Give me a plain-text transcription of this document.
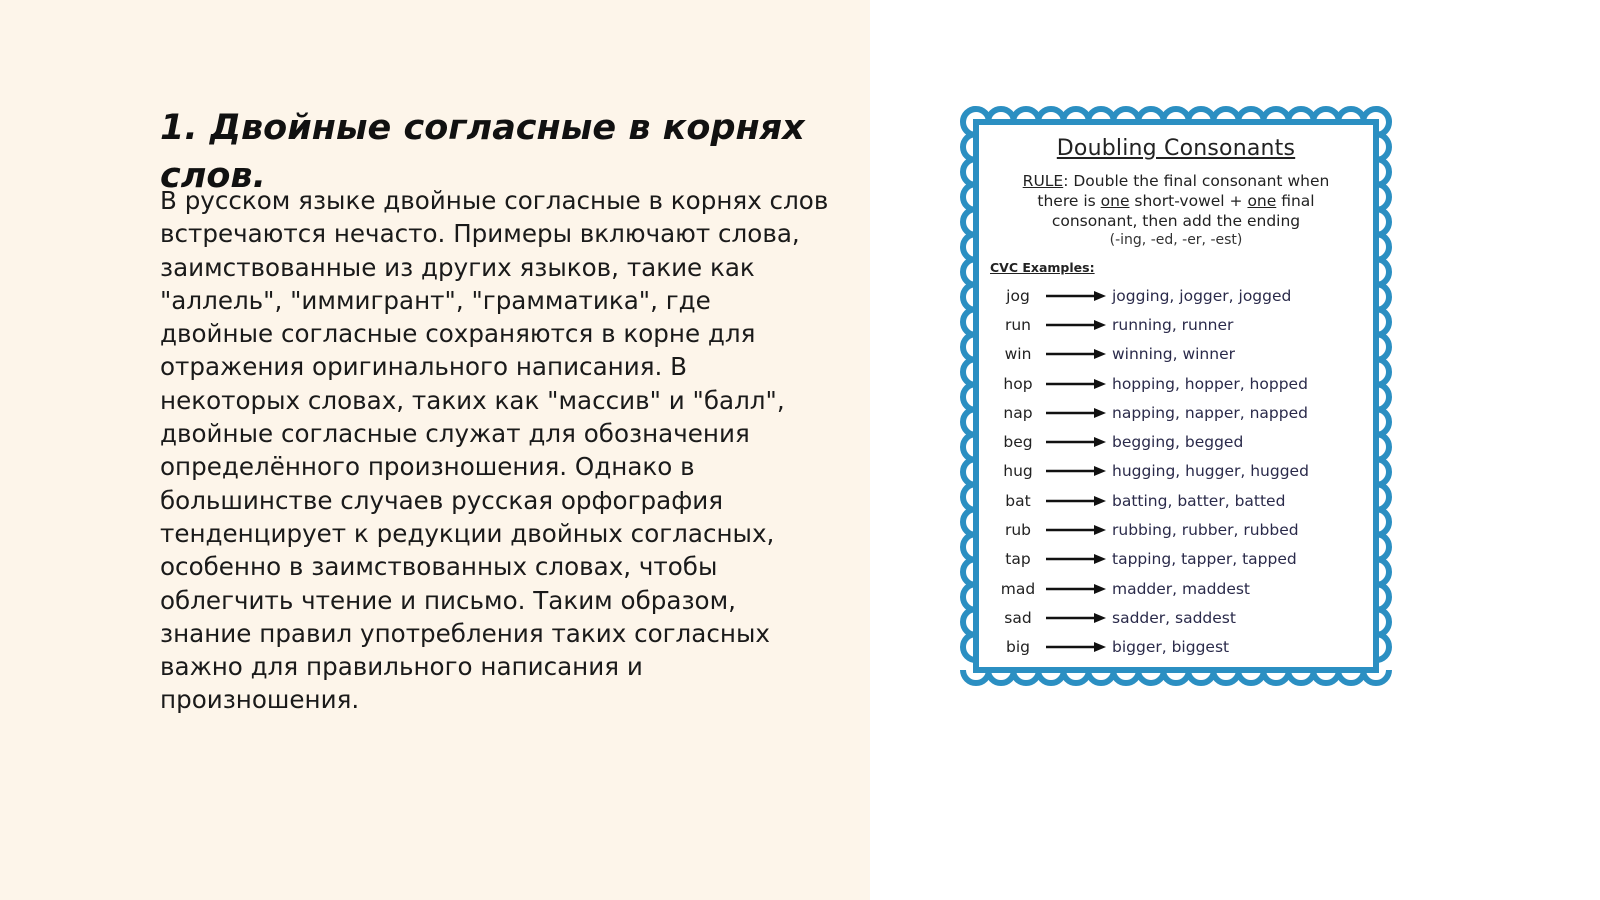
1. Двойные согласные в корнях слов.

В русском языке двойные согласные в корнях слов встречаются нечасто. Примеры включают слова, заимствованные из других языков, такие как "аллель", "иммигрант", "грамматика", где двойные согласные сохраняются в корне для отражения оригинального написания. В некоторых словах, таких как "массив" и "балл", двойные согласные служат для обозначения определённого произношения. Однако в большинстве случаев русская орфография тенденцирует к редукции двойных согласных, особенно в заимствованных словах, чтобы облегчить чтение и письмо. Таким образом, знание правил употребления таких согласных важно для правильного написания и произношения.

Doubling Consonants
RULE: Double the final consonant when
there is one short-vowel + one final
consonant, then add the ending
(-ing, -ed, -er, -est)
CVC Examples:
jog	jogging, jogger, jogged
run	running, runner
win	winning, winner
hop	hopping, hopper, hopped
nap	napping, napper, napped
beg	begging, begged
hug	hugging, hugger, hugged
bat	batting, batter, batted
rub	rubbing, rubber, rubbed
tap	tapping, tapper, tapped
mad	madder, maddest
sad	sadder, saddest
big	bigger, biggest
